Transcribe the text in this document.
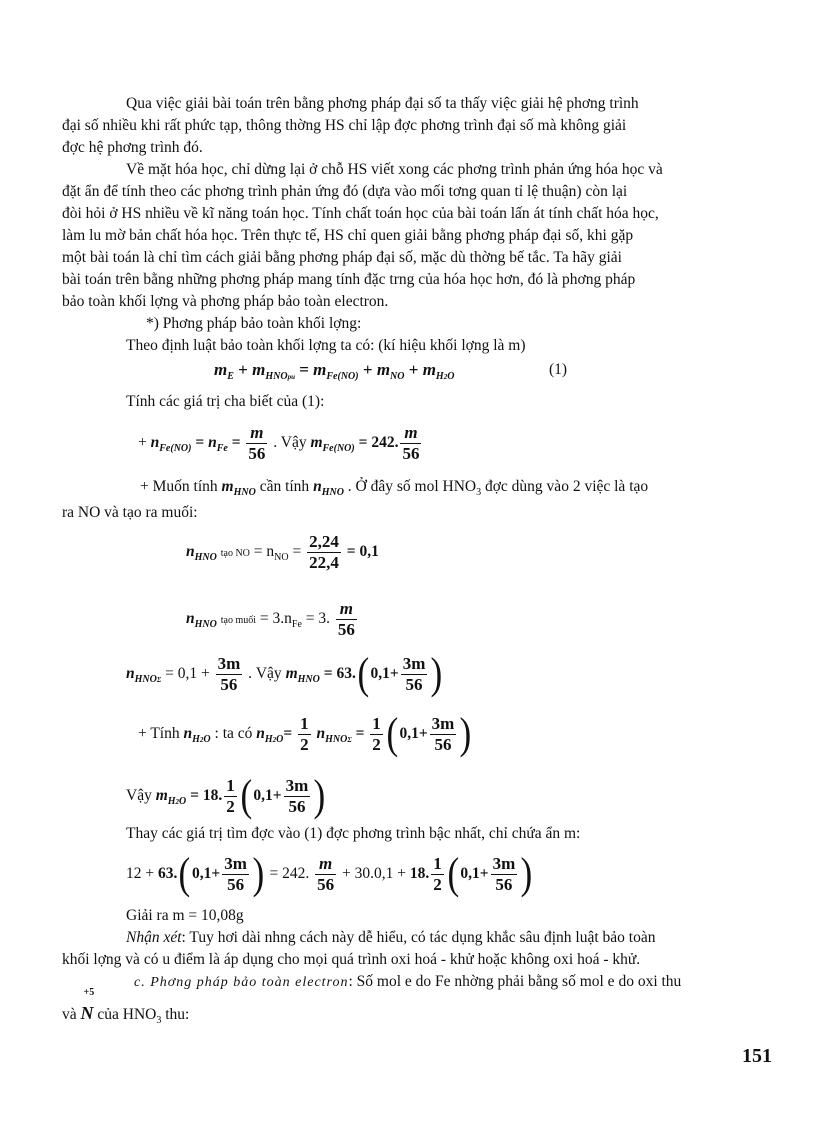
Qua việc giải bài toán trên bằng phơng pháp đại số ta thấy việc giải hệ phơng trình
đại số nhiều khi rất phức tạp, thông thờng HS chỉ lập đợc phơng trình đại số mà không giải
đợc hệ phơng trình đó.
Về mặt hóa học, chỉ dừng lại ở chỗ HS viết xong các phơng trình phản ứng hóa học và
đặt ẩn để tính theo các phơng trình phản ứng đó (dựa vào mối tơng quan tỉ lệ thuận) còn lại
đòi hỏi ở HS nhiều về kĩ năng toán học. Tính chất toán học của bài toán lấn át tính chất hóa học,
làm lu mờ bản chất hóa học. Trên thực tế, HS chỉ quen giải bằng phơng pháp đại số, khi gặp
một bài toán là chỉ tìm cách giải bằng phơng pháp đại số, mặc dù thờng bế tắc. Ta hãy giải
bài toán trên bằng những phơng pháp mang tính đặc trng của hóa học hơn, đó là phơng pháp
bảo toàn khối lợng và phơng pháp bảo toàn electron.
*) Phơng pháp bảo toàn khối lợng:
Theo định luật bảo toàn khối lợng ta có: (kí hiệu khối lợng là m)
$m_E + m_{HNOpu} = m_{Fe(NO)} + m_{NO} + m_{H2O}$	(1)
Tính các giá trị cha biết của (1):
+ $n_{Fe(NO)} = n_{Fe} = \frac{m}{56}$ . Vậy $m_{Fe(NO)} = 242$. $\frac{m}{56}$
+ Muốn tính $m_{HNO}$ cần tính $n_{HNO}$ . Ở đây số mol $HNO_3$ đợc dùng vào 2 việc là tạo
ra NO và tạo ra muối:
$n_{HNO}$ tạo NO = $n_{NO} = \frac{2,24}{22,4} = 0,1$
$n_{HNO}$ tạo muối = $3.n_{Fe} = 3$. $\frac{m}{56}$
$n_{HNO\Sigma} = 0,1 + \frac{3m}{56}$ . Vậy $m_{HNO} = 63.(0,1+ \frac{3m}{56}$ )
+ Tính $n_{H2O}$ : ta có $n_{H2O}= \frac{1}{2} n_{HNO\Sigma} = \frac{1}{2} (0,1+ \frac{3m}{56}$ )
Vậy $m_{H2O} = 18$. $\frac{1}{2} (0,1+ \frac{3m}{56}$ )
Thay các giá trị tìm đợc vào (1) đợc phơng trình bậc nhất, chỉ chứa ẩn m:
$12 + 63.(0,1+ \frac{3m}{56}$ ) = 242. $\frac{m}{56} + 30.0,1 + 18$. $\frac{1}{2} (0,1+ \frac{3m}{56}$ )
Giải ra m = 10,08g
Nhận xét: Tuy hơi dài nhng cách này dễ hiểu, có tác dụng khắc sâu định luật bảo toàn
khối lợng và có u điểm là áp dụng cho mọi quá trình oxi hoá - khử hoặc không oxi hoá - khử.
c. Phơng pháp bảo toàn electron: Số mol e do Fe nhờng phải bằng số mol e do oxi thu
và
+5
N của $HNO_3$ thu:
151
